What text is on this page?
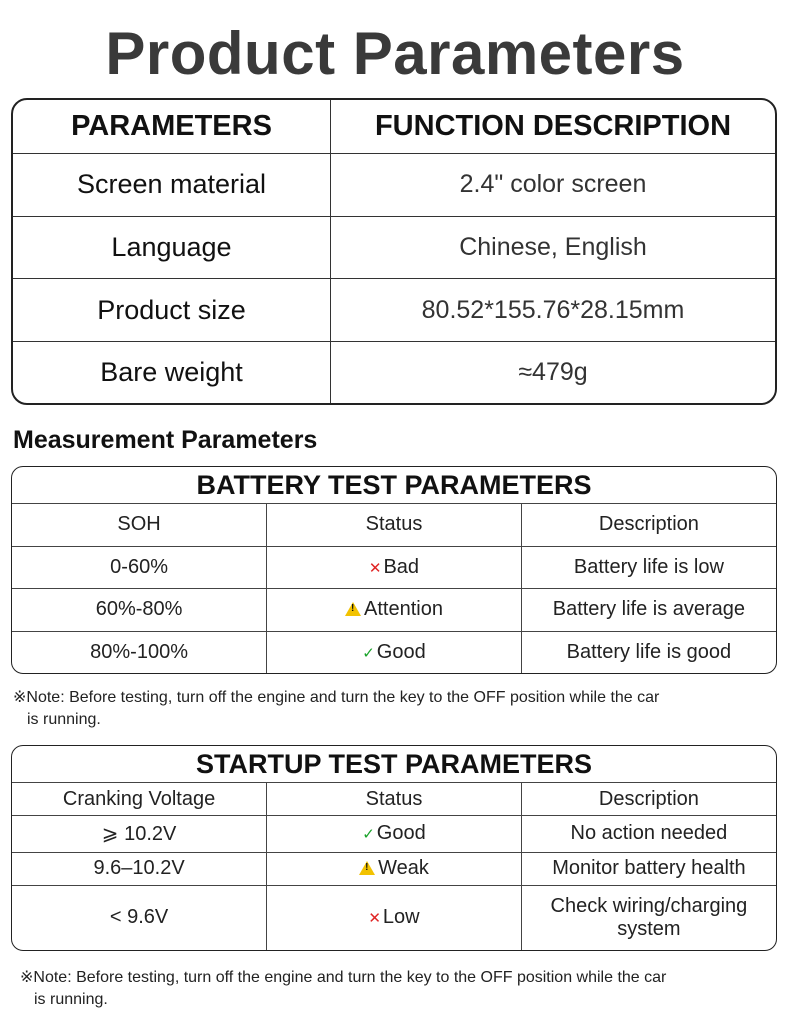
Product Parameters
PARAMETERS	FUNCTION DESCRIPTION
Screen material	2.4" color screen
Language	Chinese, English
Product size	80.52*155.76*28.15mm
Bare weight	≈479g
Measurement Parameters
BATTERY TEST PARAMETERS		
SOH	Status	Description
0-60%	✕ Bad	Battery life is low
60%-80%	!Attention	Battery life is average
80%-100%	✓ Good	Battery life is good
※Note: Before testing, turn off the engine and turn the key to the OFF position while the car
is running.
STARTUP TEST PARAMETERS		
Cranking Voltage	Status	Description
⩾ 10.2V	✓ Good	No action needed
9.6–10.2V	!Weak	Monitor battery health
< 9.6V	✕ Low	Check wiring/charging system
※Note: Before testing, turn off the engine and turn the key to the OFF position while the car
is running.
